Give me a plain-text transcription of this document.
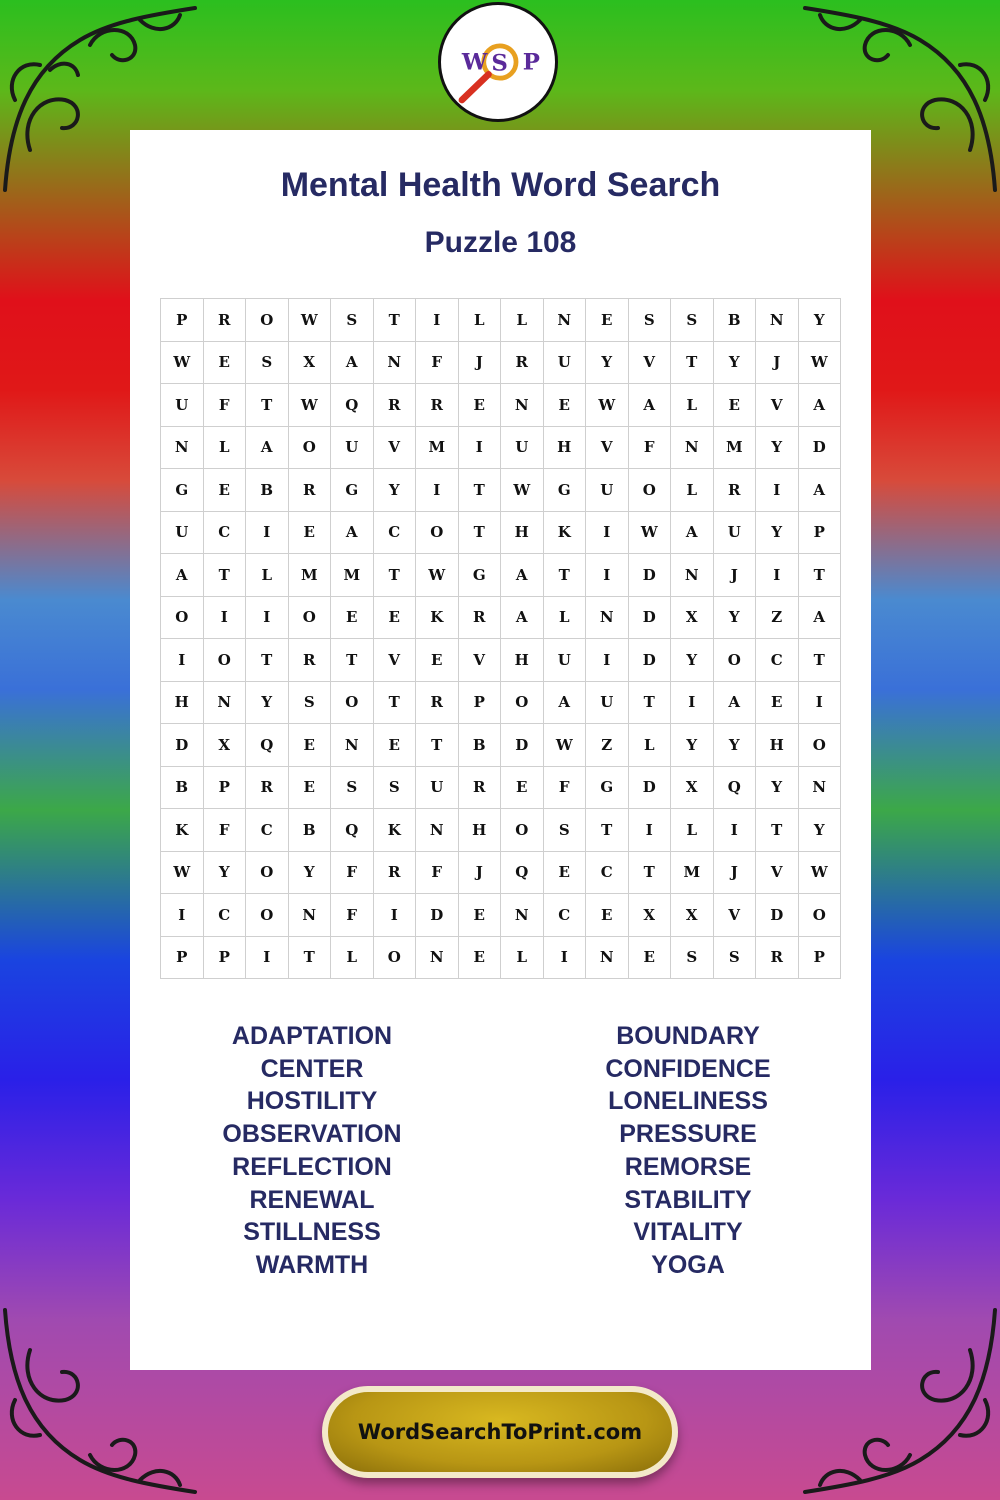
W S P
Mental Health Word Search
Puzzle 108
P	R	O	W	S	T	I	L	L	N	E	S	S	B	N	Y
W	E	S	X	A	N	F	J	R	U	Y	V	T	Y	J	W
U	F	T	W	Q	R	R	E	N	E	W	A	L	E	V	A
N	L	A	O	U	V	M	I	U	H	V	F	N	M	Y	D
G	E	B	R	G	Y	I	T	W	G	U	O	L	R	I	A
U	C	I	E	A	C	O	T	H	K	I	W	A	U	Y	P
A	T	L	M	M	T	W	G	A	T	I	D	N	J	I	T
O	I	I	O	E	E	K	R	A	L	N	D	X	Y	Z	A
I	O	T	R	T	V	E	V	H	U	I	D	Y	O	C	T
H	N	Y	S	O	T	R	P	O	A	U	T	I	A	E	I
D	X	Q	E	N	E	T	B	D	W	Z	L	Y	Y	H	O
B	P	R	E	S	S	U	R	E	F	G	D	X	Q	Y	N
K	F	C	B	Q	K	N	H	O	S	T	I	L	I	T	Y
W	Y	O	Y	F	R	F	J	Q	E	C	T	M	J	V	W
I	C	O	N	F	I	D	E	N	C	E	X	X	V	D	O
P	P	I	T	L	O	N	E	L	I	N	E	S	S	R	P
ADAPTATION
CENTER
HOSTILITY
OBSERVATION
REFLECTION
RENEWAL
STILLNESS
WARMTH
BOUNDARY
CONFIDENCE
LONELINESS
PRESSURE
REMORSE
STABILITY
VITALITY
YOGA
WordSearchToPrint.com
